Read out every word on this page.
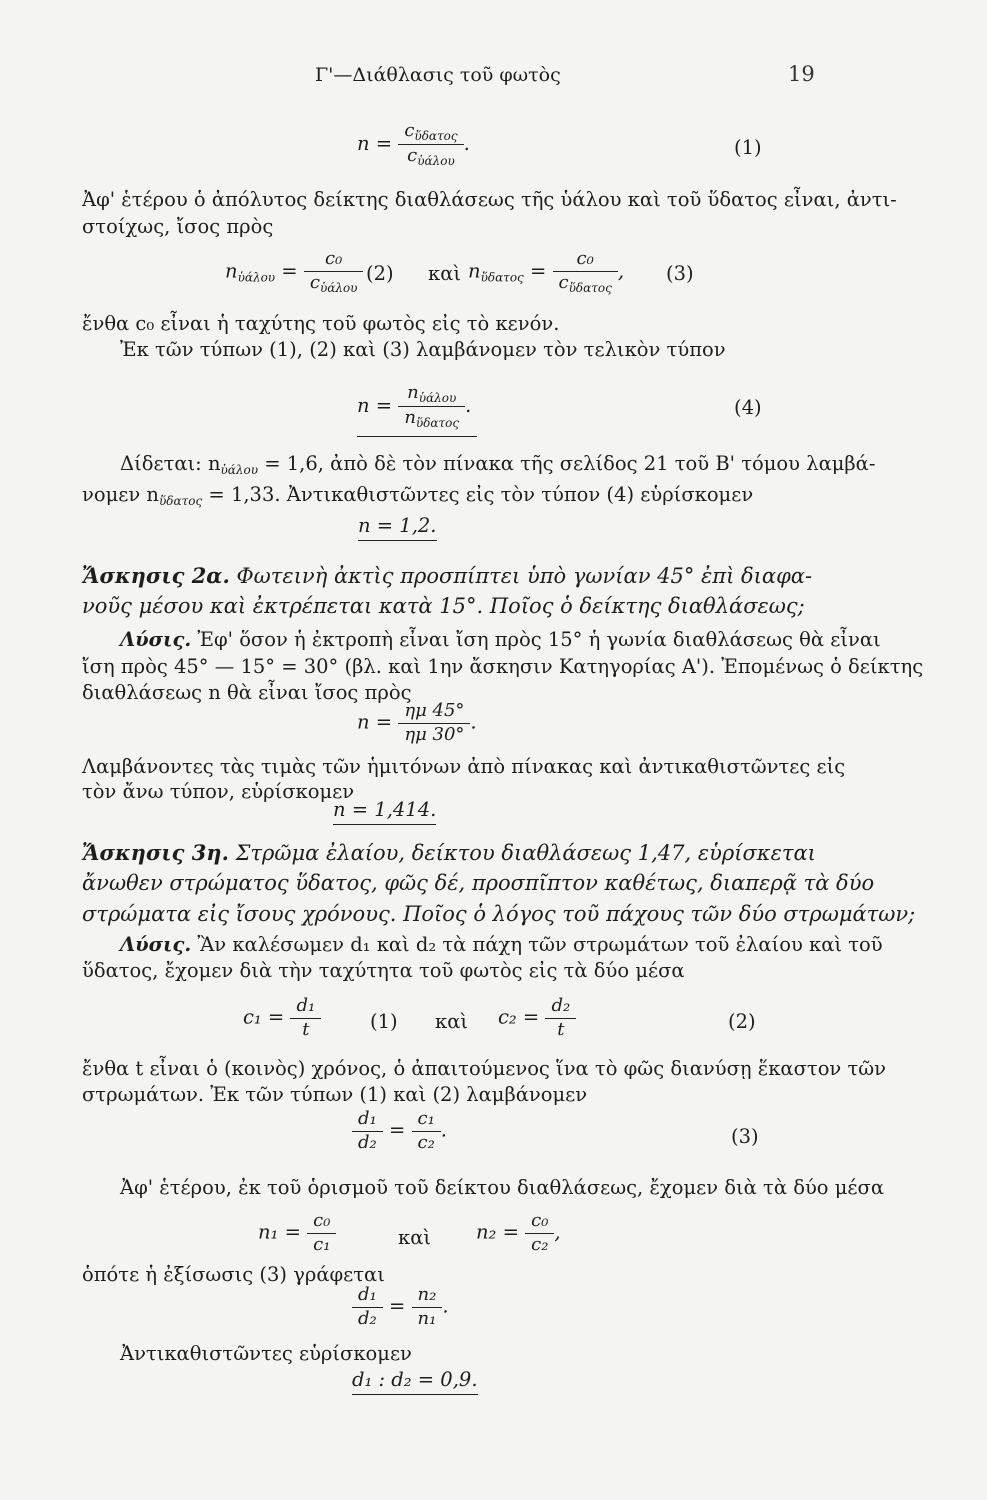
Γ'—Διάθλασις τοῦ φωτὸς	19
$n = \frac{c_{ὕ\delta\alpha\tau o\varsigma}}{c_{ὑά\lambda o\upsilon}}$ .	(1)
Ἀφ' ἑτέρου ὁ ἀπόλυτος δείκτης διαθλάσεως τῆς ὑάλου καὶ τοῦ ὕδατος εἶναι, ἀντι-
στοίχως, ἴσος πρὸς
$n_{ὑά\lambda o\upsilon} = \frac{\text{c₀}}{c_{ὑά\lambda o\upsilon}} (2)$ καὶ $n_{ὕ\delta\alpha\tau o\varsigma} = \frac{\text{c₀}}{c_{ὕ\delta\alpha\tau o\varsigma}}$ , (3)
ἔνθα c₀ εἶναι ἡ ταχύτης τοῦ φωτὸς εἰς τὸ κενόν.
Ἐκ τῶν τύπων (1), (2) καὶ (3) λαμβάνομεν τὸν τελικὸν τύπον
$n = \frac{n_{ὑά\lambda o\upsilon}}{n_{ὕ\delta\alpha\tau o\varsigma}}$ .	(4)
Δίδεται: $n_{ὑά\lambda o\upsilon} = 1,6$, ἀπὸ δὲ τὸν πίνακα τῆς σελίδος 21 τοῦ Β' τόμου λαμβά-
νομεν $n_{ὕ\delta\alpha\tau o\varsigma} = 1,33$. Ἀντικαθιστῶντες εἰς τὸν τύπον (4) εὑρίσκομεν
n = 1,2.
Ἄσκησις 2α. Φωτεινὴ ἀκτὶς προσπίπτει ὑπὸ γωνίαν 45° ἐπὶ διαφα-
νοῦς μέσου καὶ ἐκτρέπεται κατὰ 15°. Ποῖος ὁ δείκτης διαθλάσεως;
Λύσις. Ἐφ' ὅσον ἡ ἐκτροπὴ εἶναι ἴση πρὸς 15° ἡ γωνία διαθλάσεως θὰ εἶναι
ἴση πρὸς 45° — 15° = 30° (βλ. καὶ 1ην ἄσκησιν Κατηγορίας Α'). Ἐπομένως ὁ δείκτης
διαθλάσεως n θὰ εἶναι ἴσος πρὸς
$n = \frac{\eta\mu 45^\circ}{\eta\mu 30^\circ}$ .
Λαμβάνοντες τὰς τιμὰς τῶν ἡμιτόνων ἀπὸ πίνακας καὶ ἀντικαθιστῶντες εἰς
τὸν ἄνω τύπον, εὑρίσκομεν
n = 1,414.
Ἄσκησις 3η. Στρῶμα ἐλαίου, δείκτου διαθλάσεως 1,47, εὑρίσκεται
ἄνωθεν στρώματος ὕδατος, φῶς δέ, προσπῖπτον καθέτως, διαπερᾷ τὰ δύο
στρώματα εἰς ἴσους χρόνους. Ποῖος ὁ λόγος τοῦ πάχους τῶν δύο στρωμάτων;
Λύσις. Ἂν καλέσωμεν d₁ καὶ d₂ τὰ πάχη τῶν στρωμάτων τοῦ ἐλαίου καὶ τοῦ
ὕδατος, ἔχομεν διὰ τὴν ταχύτητα τοῦ φωτὸς εἰς τὰ δύο μέσα
$c_1 = \frac{\text{d₁}}{t}$	(1) καὶ $c_2 = \frac{\text{d₂}}{t}$	(2)
ἔνθα t εἶναι ὁ (κοινὸς) χρόνος, ὁ ἀπαιτούμενος ἵνα τὸ φῶς διανύσῃ ἕκαστον τῶν
στρωμάτων. Ἐκ τῶν τύπων (1) καὶ (2) λαμβάνομεν
$\frac{\text{d₁}}{\text{d₂}} = \frac{\text{c₁}}{\text{c₂}}$ .	(3)
Ἀφ' ἑτέρου, ἐκ τοῦ ὁρισμοῦ τοῦ δείκτου διαθλάσεως, ἔχομεν διὰ τὰ δύο μέσα
$n_1 = \frac{\text{c₀}}{\text{c₁}}$	καὶ $n_2 = \frac{\text{c₀}}{\text{c₂}}$ ,
ὁπότε ἡ ἐξίσωσις (3) γράφεται
$\frac{\text{d₁}}{\text{d₂}} = \frac{\text{n₂}}{\text{n₁}}$ .
Ἀντικαθιστῶντες εὑρίσκομεν
d₁ : d₂ = 0,9.
